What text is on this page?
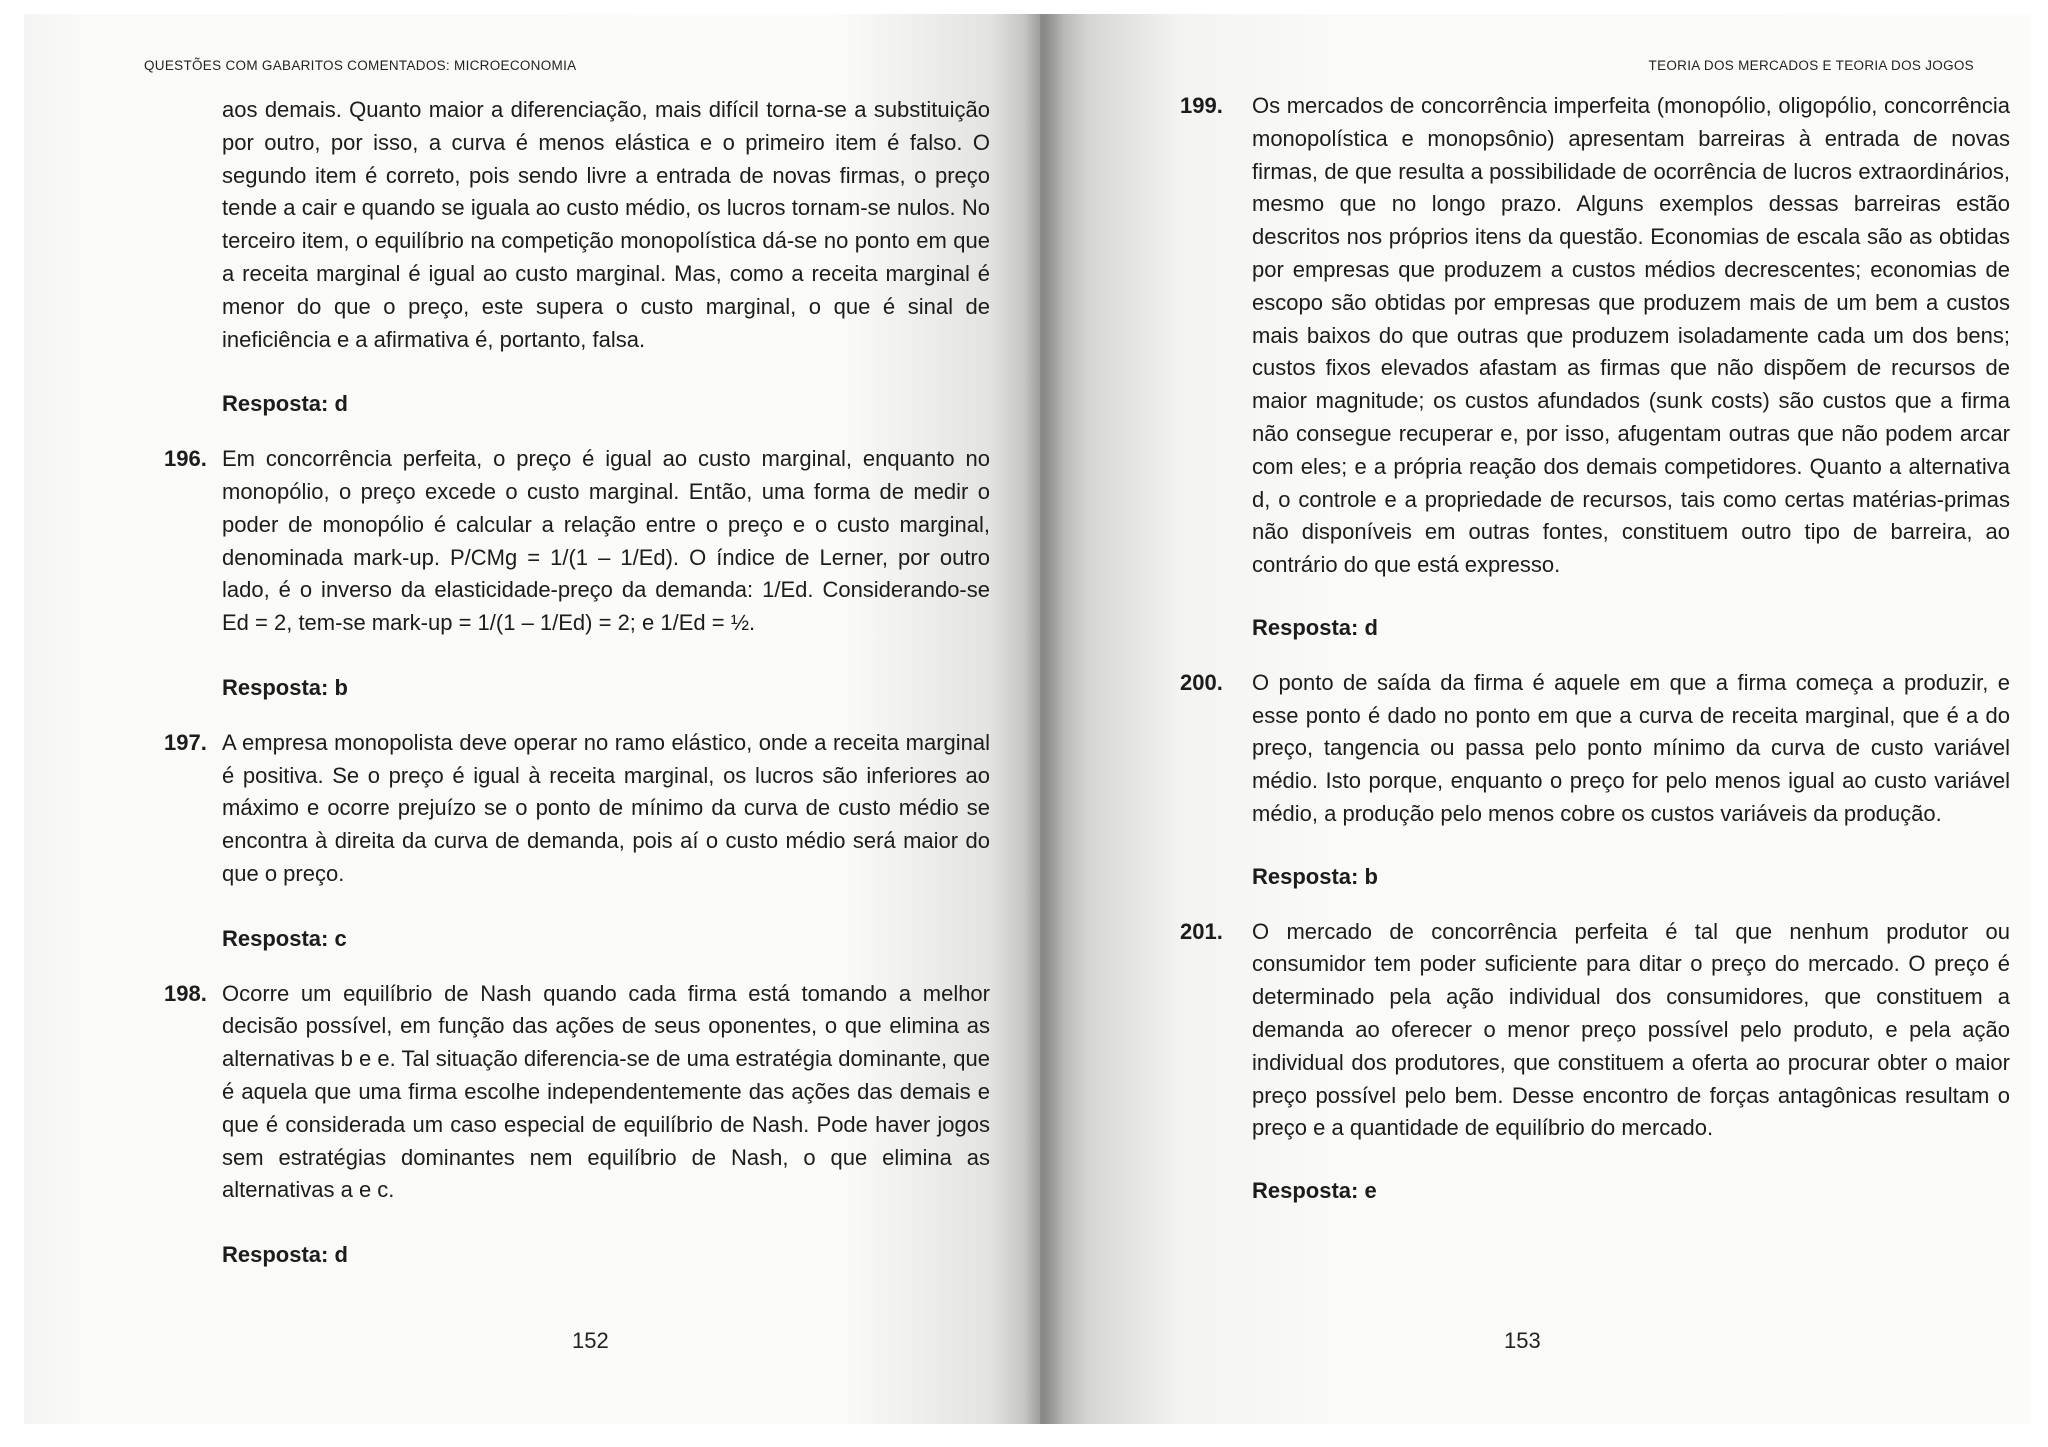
QUESTÕES COM GABARITOS COMENTADOS: MICROECONOMIA

aos demais. Quanto maior a diferenciação, mais difícil torna-se a substituição por outro, por isso, a curva é menos elástica e o primeiro item é falso. O segundo item é correto, pois sendo livre a entrada de novas firmas, o preço tende a cair e quando se iguala ao custo médio, os lucros tornam-se nulos. No terceiro item, o equilíbrio na competição monopolística dá-se no ponto em que a receita marginal é igual ao custo marginal. Mas, como a receita marginal é menor do que o preço, este supera o custo marginal, o que é sinal de ineficiência e a afirmativa é, portanto, falsa.

Resposta: d
196. Em concorrência perfeita, o preço é igual ao custo marginal, enquanto no monopólio, o preço excede o custo marginal. Então, uma forma de medir o poder de monopólio é calcular a relação entre o preço e o custo marginal, denominada mark-up. P/CMg = 1/(1 – 1/Ed). O índice de Lerner, por outro lado, é o inverso da elasticidade-preço da demanda: 1/Ed. Considerando-se Ed = 2, tem-se mark-up = 1/(1 – 1/Ed) = 2; e 1/Ed = ½.
Resposta: b
197. A empresa monopolista deve operar no ramo elástico, onde a receita marginal é positiva. Se o preço é igual à receita marginal, os lucros são inferiores ao máximo e ocorre prejuízo se o ponto de mínimo da curva de custo médio se encontra à direita da curva de demanda, pois aí o custo médio será maior do que o preço.
Resposta: c
198. Ocorre um equilíbrio de Nash quando cada firma está tomando a melhor decisão possível, em função das ações de seus oponentes, o que elimina as alternativas b e e. Tal situação diferencia-se de uma estratégia dominante, que é aquela que uma firma escolhe independentemente das ações das demais e que é considerada um caso especial de equilíbrio de Nash. Pode haver jogos sem estratégias dominantes nem equilíbrio de Nash, o que elimina as alternativas a e c.
Resposta: d
152
TEORIA DOS MERCADOS E TEORIA DOS JOGOS
199.	Os mercados de concorrência imperfeita (monopólio, oligopólio, concorrência monopolística e monopsônio) apresentam barreiras à entrada de novas firmas, de que resulta a possibilidade de ocorrência de lucros extraordinários, mesmo que no longo prazo. Alguns exemplos dessas barreiras estão descritos nos próprios itens da questão. Economias de escala são as obtidas por empresas que produzem a custos médios decrescentes; economias de escopo são obtidas por empresas que produzem mais de um bem a custos mais baixos do que outras que produzem isoladamente cada um dos bens; custos fixos elevados afastam as firmas que não dispõem de recursos de maior magnitude; os custos afundados (sunk costs) são custos que a firma não consegue recuperar e, por isso, afugentam outras que não podem arcar com eles; e a própria reação dos demais competidores. Quanto a alternativa d, o controle e a propriedade de recursos, tais como certas matérias-primas não disponíveis em outras fontes, constituem outro tipo de barreira, ao contrário do que está expresso.
Resposta: d
200.	O ponto de saída da firma é aquele em que a firma começa a produzir, e esse ponto é dado no ponto em que a curva de receita marginal, que é a do preço, tangencia ou passa pelo ponto mínimo da curva de custo variável médio. Isto porque, enquanto o preço for pelo menos igual ao custo variável médio, a produção pelo menos cobre os custos variáveis da produção.
Resposta: b
201.	O mercado de concorrência perfeita é tal que nenhum produtor ou consumidor tem poder suficiente para ditar o preço do mercado. O preço é determinado pela ação individual dos consumidores, que constituem a demanda ao oferecer o menor preço possível pelo produto, e pela ação individual dos produtores, que constituem a oferta ao procurar obter o maior preço possível pelo bem. Desse encontro de forças antagônicas resultam o preço e a quantidade de equilíbrio do mercado.
Resposta: e
153
